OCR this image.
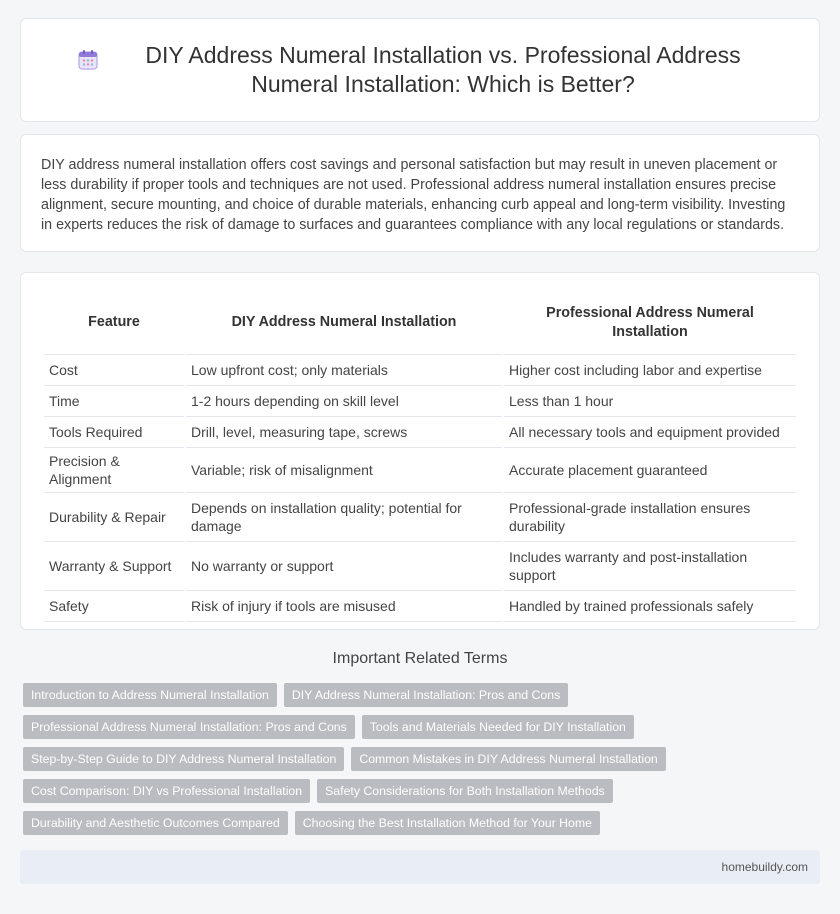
DIY Address Numeral Installation vs. Professional Address Numeral Installation: Which is Better?

DIY address numeral installation offers cost savings and personal satisfaction but may result in uneven placement or less durability if proper tools and techniques are not used. Professional address numeral installation ensures precise alignment, secure mounting, and choice of durable materials, enhancing curb appeal and long-term visibility. Investing in experts reduces the risk of damage to surfaces and guarantees compliance with any local regulations or standards.

Feature	DIY Address Numeral Installation	Professional Address Numeral Installation
Cost	Low upfront cost; only materials	Higher cost including labor and expertise
Time	1-2 hours depending on skill level	Less than 1 hour
Tools Required	Drill, level, measuring tape, screws	All necessary tools and equipment provided
Precision & Alignment	Variable; risk of misalignment	Accurate placement guaranteed
Durability & Repair	Depends on installation quality; potential for damage	Professional-grade installation ensures durability
Warranty & Support	No warranty or support	Includes warranty and post-installation support
Safety	Risk of injury if tools are misused	Handled by trained professionals safely
Important Related Terms
Introduction to Address Numeral Installation	DIY Address Numeral Installation: Pros and Cons
Professional Address Numeral Installation: Pros and Cons	Tools and Materials Needed for DIY Installation
Step-by-Step Guide to DIY Address Numeral Installation	Common Mistakes in DIY Address Numeral Installation
Cost Comparison: DIY vs Professional Installation	Safety Considerations for Both Installation Methods
Durability and Aesthetic Outcomes Compared	Choosing the Best Installation Method for Your Home
homebuildy.com
